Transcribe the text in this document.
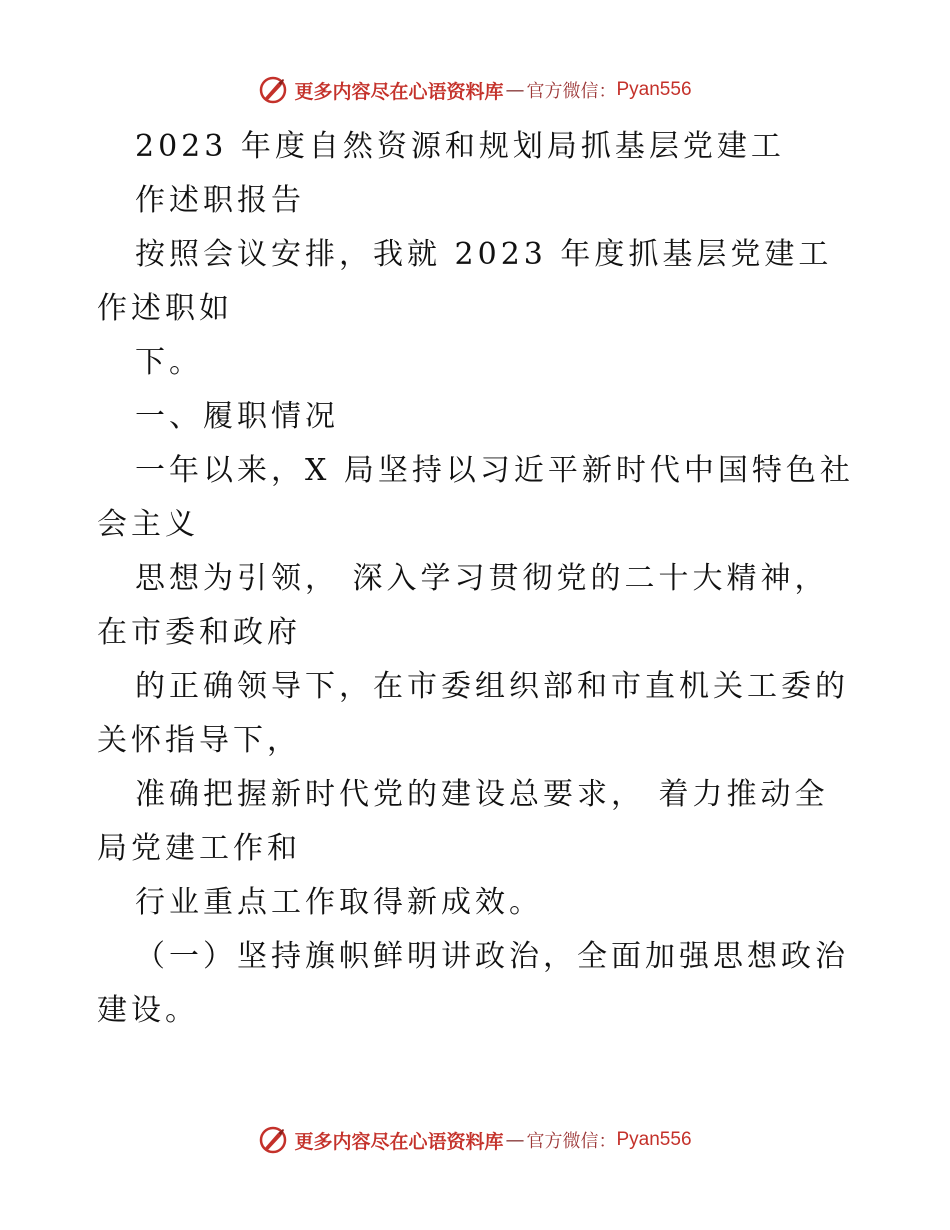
更多内容尽在心语资料库 — 官方微信： Pyan556
2023 年度自然资源和规划局抓基层党建工
作述职报告
按照会议安排，我就 2023 年度抓基层党建工
作述职如
下。
一、履职情况
一年以来，X 局坚持以习近平新时代中国特色社
会主义
思想为引领， 深入学习贯彻党的二十大精神，
在市委和政府
的正确领导下，在市委组织部和市直机关工委的
关怀指导下，
准确把握新时代党的建设总要求， 着力推动全
局党建工作和
行业重点工作取得新成效。
（一）坚持旗帜鲜明讲政治，全面加强思想政治
建设。
更多内容尽在心语资料库 — 官方微信： Pyan556
